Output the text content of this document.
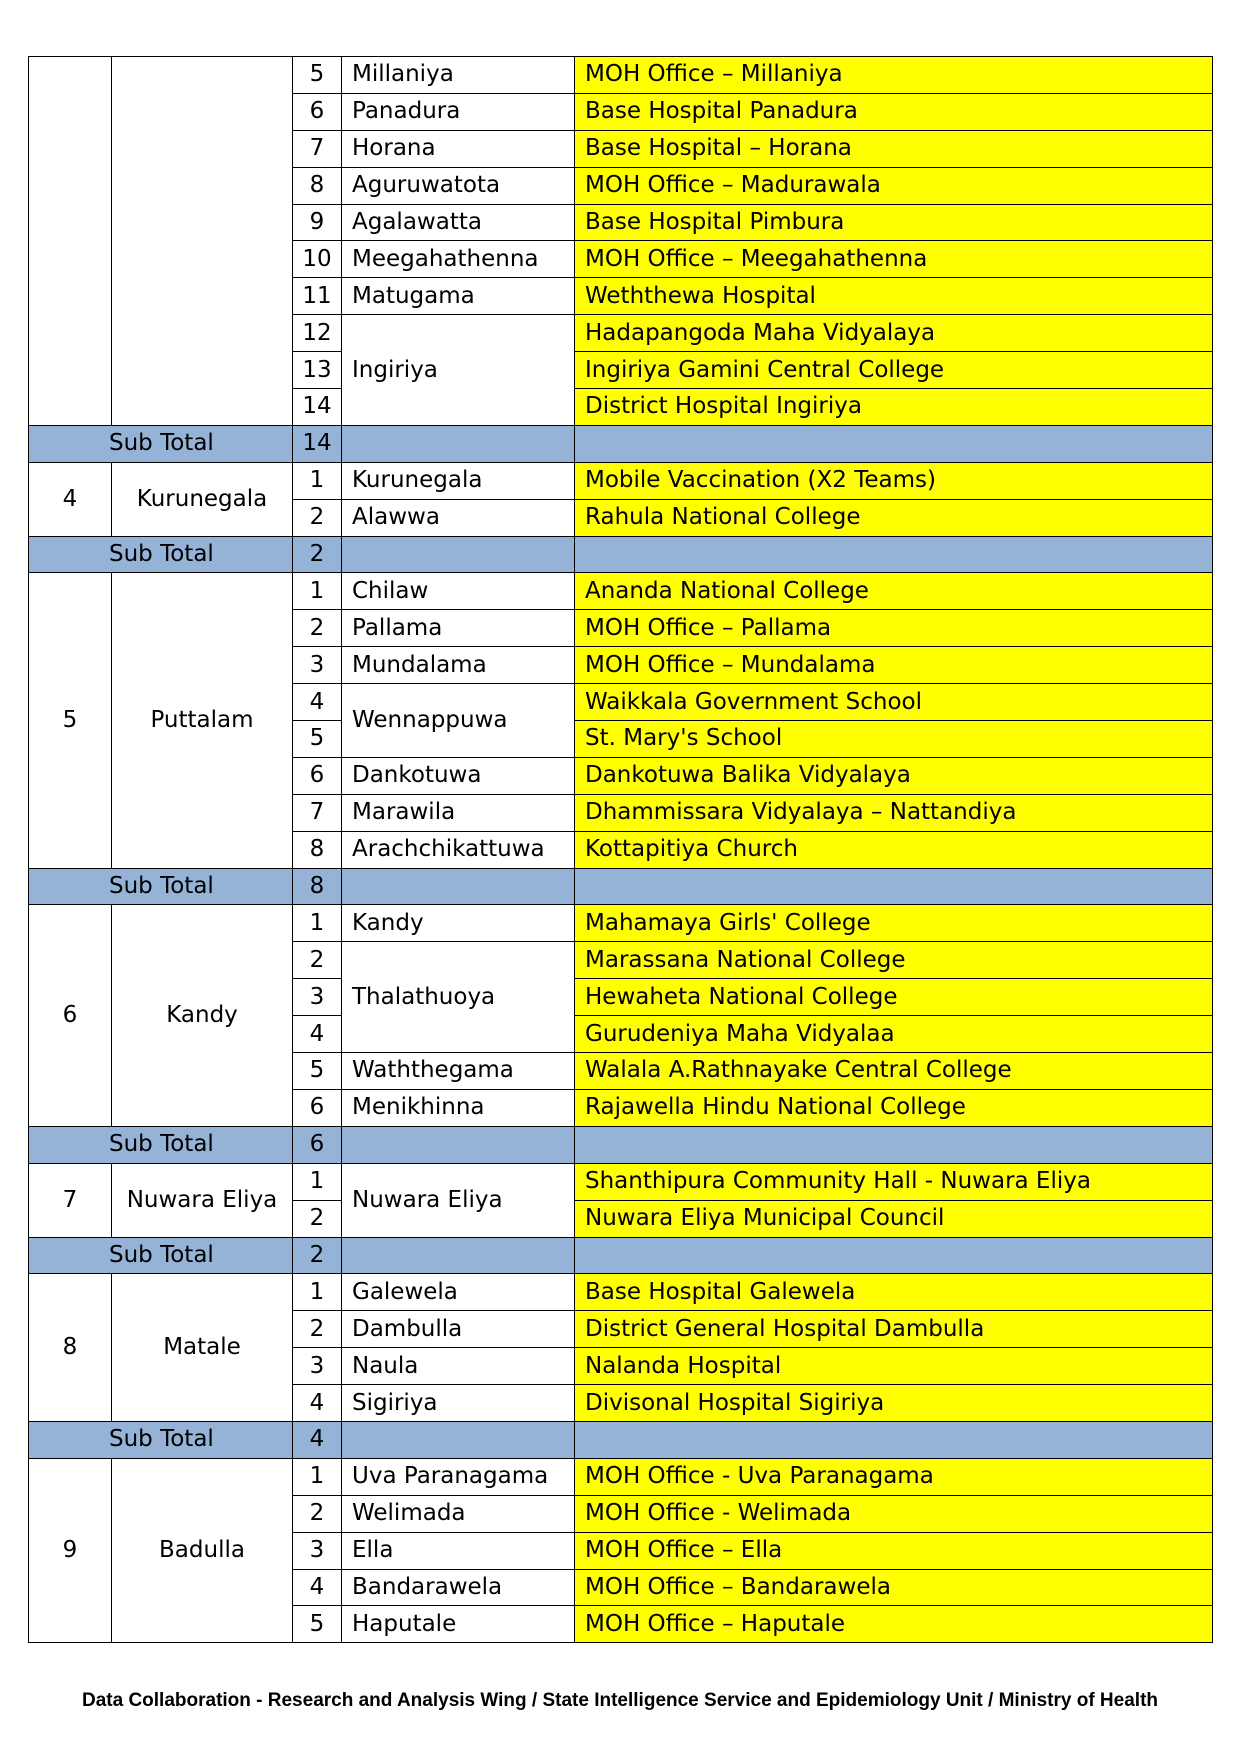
		5	Millaniya	MOH Office – Millaniya
		6	Panadura	Base Hospital Panadura
		7	Horana	Base Hospital – Horana
		8	Aguruwatota	MOH Office – Madurawala
		9	Agalawatta	Base Hospital Pimbura
		10	Meegahathenna	MOH Office – Meegahathenna
		11	Matugama	Weththewa Hospital
		12	Ingiriya	Hadapangoda Maha Vidyalaya
		13		Ingiriya Gamini Central College
		14		District Hospital Ingiriya
Sub Total		14		
4	Kurunegala	1	Kurunegala	Mobile Vaccination (X2 Teams)
		2	Alawwa	Rahula National College
Sub Total		2		
5	Puttalam	1	Chilaw	Ananda National College
		2	Pallama	MOH Office – Pallama
		3	Mundalama	MOH Office – Mundalama
		4	Wennappuwa	Waikkala Government School
		5		St. Mary's School
		6	Dankotuwa	Dankotuwa Balika Vidyalaya
		7	Marawila	Dhammissara Vidyalaya – Nattandiya
		8	Arachchikattuwa	Kottapitiya Church
Sub Total		8		
6	Kandy	1	Kandy	Mahamaya Girls' College
		2	Thalathuoya	Marassana National College
		3		Hewaheta National College
		4		Gurudeniya Maha Vidyalaa
		5	Waththegama	Walala A.Rathnayake Central College
		6	Menikhinna	Rajawella Hindu National College
Sub Total		6		
7	Nuwara Eliya	1	Nuwara Eliya	Shanthipura Community Hall - Nuwara Eliya
		2		Nuwara Eliya Municipal Council
Sub Total		2		
8	Matale	1	Galewela	Base Hospital Galewela
		2	Dambulla	District General Hospital Dambulla
		3	Naula	Nalanda Hospital
		4	Sigiriya	Divisonal Hospital Sigiriya
Sub Total		4		
9	Badulla	1	Uva Paranagama	MOH Office - Uva Paranagama
		2	Welimada	MOH Office - Welimada
		3	Ella	MOH Office – Ella
		4	Bandarawela	MOH Office – Bandarawela
		5	Haputale	MOH Office – Haputale
Data Collaboration - Research and Analysis Wing / State Intelligence Service and Epidemiology Unit / Ministry of Health
